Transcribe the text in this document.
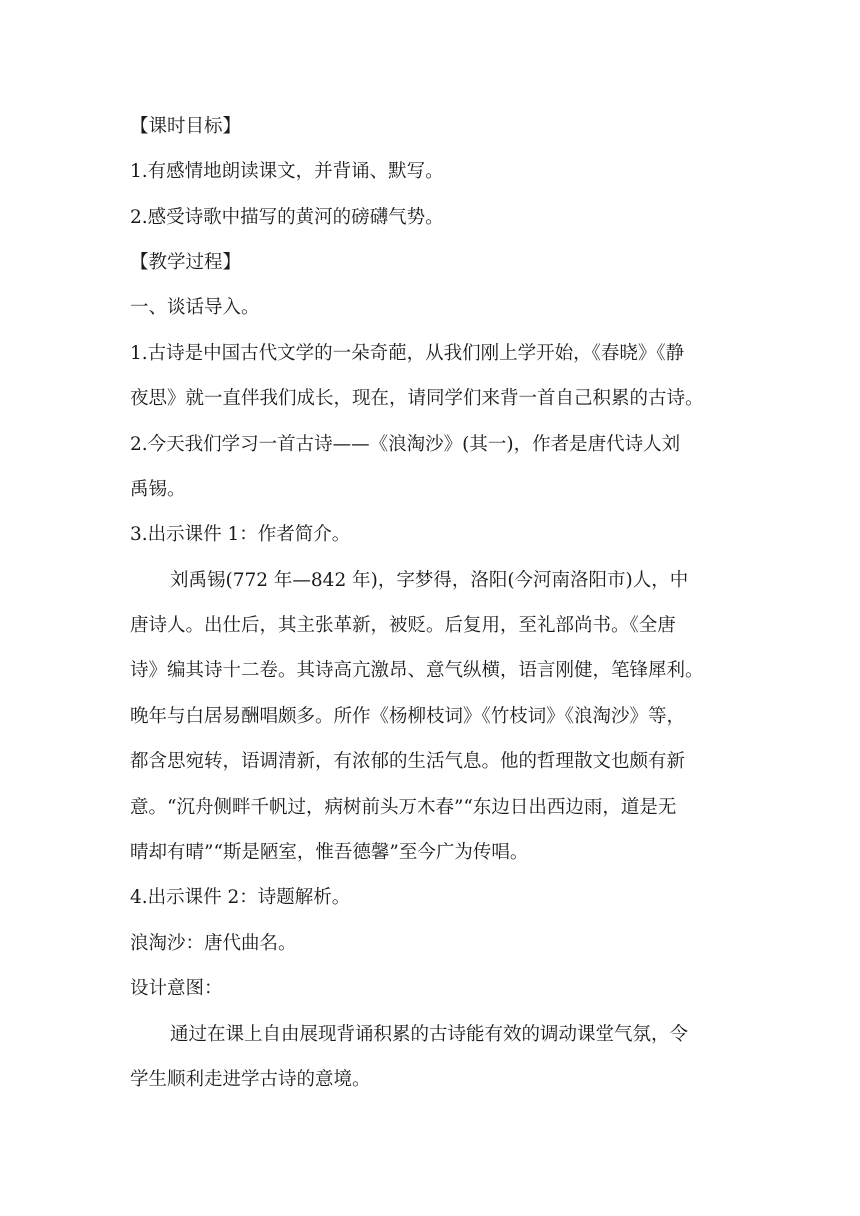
【课时目标】

1.有感情地朗读课文，并背诵、默写。

2.感受诗歌中描写的黄河的磅礴气势。

【教学过程】

一、谈话导入。

1.古诗是中国古代文学的一朵奇葩，从我们刚上学开始，《春晓》《静

夜思》就一直伴我们成长，现在，请同学们来背一首自己积累的古诗。

2.今天我们学习一首古诗——《浪淘沙》(其一)，作者是唐代诗人刘

禹锡。

3.出示课件 1：作者简介。

刘禹锡(772 年—842 年)，字梦得，洛阳(今河南洛阳市)人，中

唐诗人。出仕后，其主张革新，被贬。后复用，至礼部尚书。《全唐

诗》编其诗十二卷。其诗高亢激昂、意气纵横，语言刚健，笔锋犀利。

晚年与白居易酬唱颇多。所作《杨柳枝词》《竹枝词》《浪淘沙》等，

都含思宛转，语调清新，有浓郁的生活气息。他的哲理散文也颇有新

意。“沉舟侧畔千帆过，病树前头万木春”“东边日出西边雨，道是无

晴却有晴”“斯是陋室，惟吾德馨”至今广为传唱。

4.出示课件 2：诗题解析。

浪淘沙：唐代曲名。

设计意图：

通过在课上自由展现背诵积累的古诗能有效的调动课堂气氛，令

学生顺利走进学古诗的意境。
